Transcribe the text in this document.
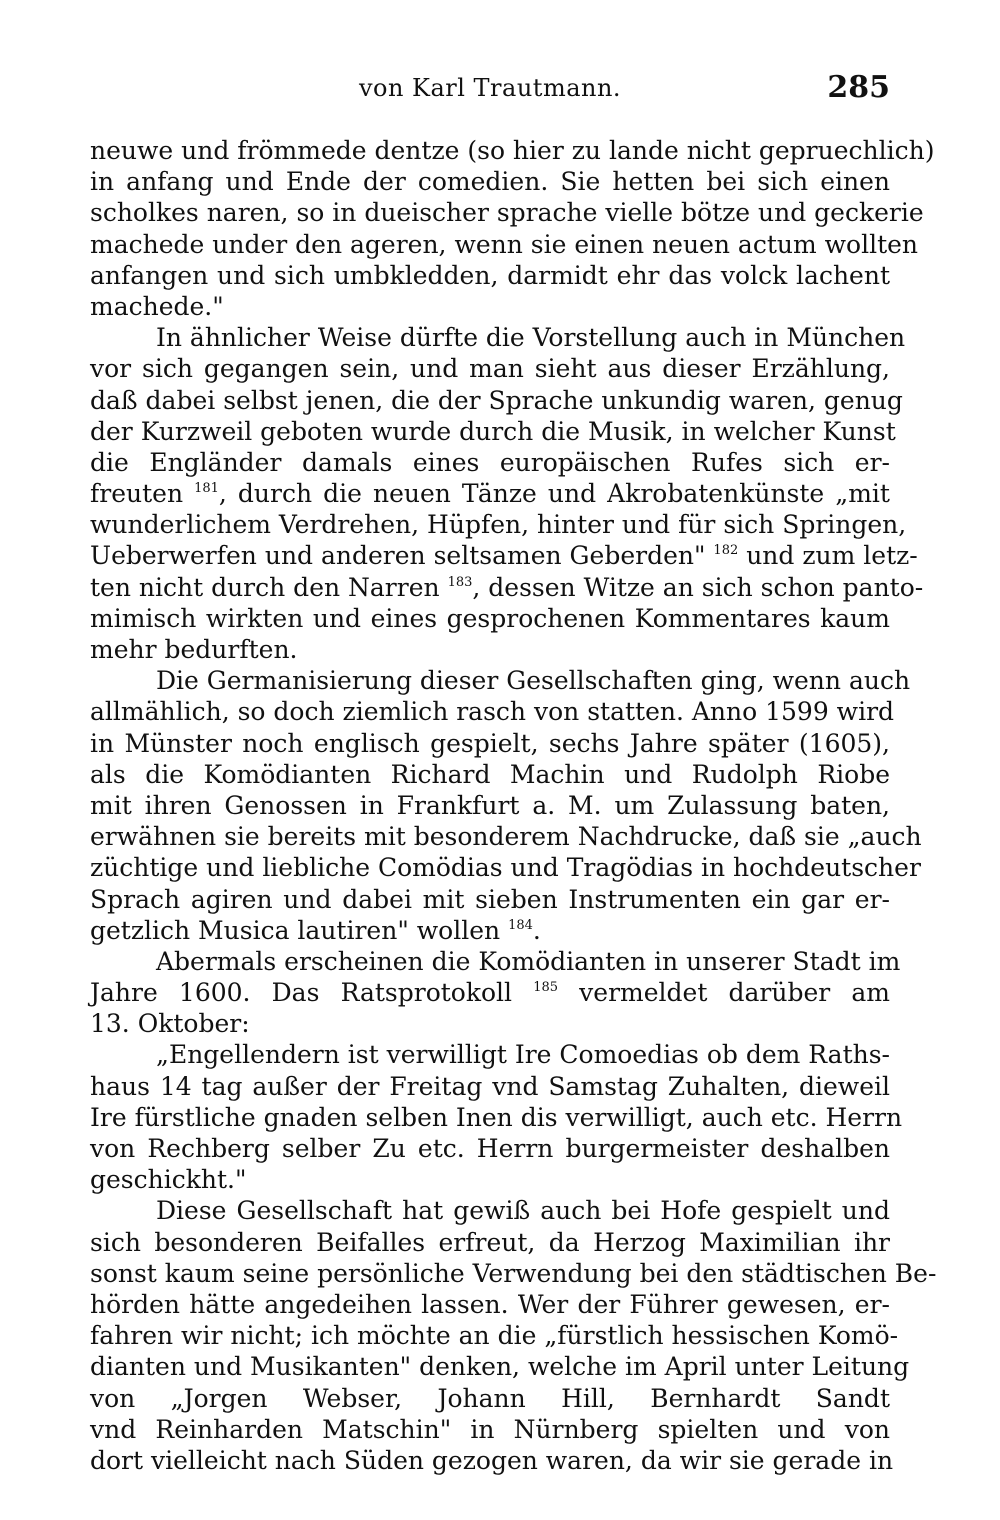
von Karl Trautmann.	285
neuwe und frömmede dentze (so hier zu lande nicht gepruechlich)
in anfang und Ende der comedien. Sie hetten bei sich einen
scholkes naren, so in dueischer sprache vielle bötze und geckerie
machede under den ageren, wenn sie einen neuen actum wollten
anfangen und sich umbkledden, darmidt ehr das volck lachent
machede."
In ähnlicher Weise dürfte die Vorstellung auch in München
vor sich gegangen sein, und man sieht aus dieser Erzählung,
daß dabei selbst jenen, die der Sprache unkundig waren, genug
der Kurzweil geboten wurde durch die Musik, in welcher Kunst
die Engländer damals eines europäischen Rufes sich er-
freuten $^{181}$, durch die neuen Tänze und Akrobatenkünste „mit
wunderlichem Verdrehen, Hüpfen, hinter und für sich Springen,
Ueberwerfen und anderen seltsamen Geberden" $^{182}$ und zum letz-
ten nicht durch den Narren $^{183}$, dessen Witze an sich schon panto-
mimisch wirkten und eines gesprochenen Kommentares kaum
mehr bedurften.
Die Germanisierung dieser Gesellschaften ging, wenn auch
allmählich, so doch ziemlich rasch von statten. Anno 1599 wird
in Münster noch englisch gespielt, sechs Jahre später (1605),
als die Komödianten Richard Machin und Rudolph Riobe
mit ihren Genossen in Frankfurt a. M. um Zulassung baten,
erwähnen sie bereits mit besonderem Nachdrucke, daß sie „auch
züchtige und liebliche Comödias und Tragödias in hochdeutscher
Sprach agiren und dabei mit sieben Instrumenten ein gar er-
getzlich Musica lautiren" wollen $^{184}$.
Abermals erscheinen die Komödianten in unserer Stadt im
Jahre 1600. Das Ratsprotokoll $^{185}$ vermeldet darüber am
13. Oktober:
„Engellendern ist verwilligt Ire Comoedias ob dem Raths-
haus 14 tag außer der Freitag vnd Samstag Zuhalten, dieweil
Ire fürstliche gnaden selben Inen dis verwilligt, auch etc. Herrn
von Rechberg selber Zu etc. Herrn burgermeister deshalben
geschickht."
Diese Gesellschaft hat gewiß auch bei Hofe gespielt und
sich besonderen Beifalles erfreut, da Herzog Maximilian ihr
sonst kaum seine persönliche Verwendung bei den städtischen Be-
hörden hätte angedeihen lassen. Wer der Führer gewesen, er-
fahren wir nicht; ich möchte an die „fürstlich hessischen Komö-
dianten und Musikanten" denken, welche im April unter Leitung
von „Jorgen Webser, Johann Hill, Bernhardt Sandt
vnd Reinharden Matschin" in Nürnberg spielten und von
dort vielleicht nach Süden gezogen waren, da wir sie gerade in
